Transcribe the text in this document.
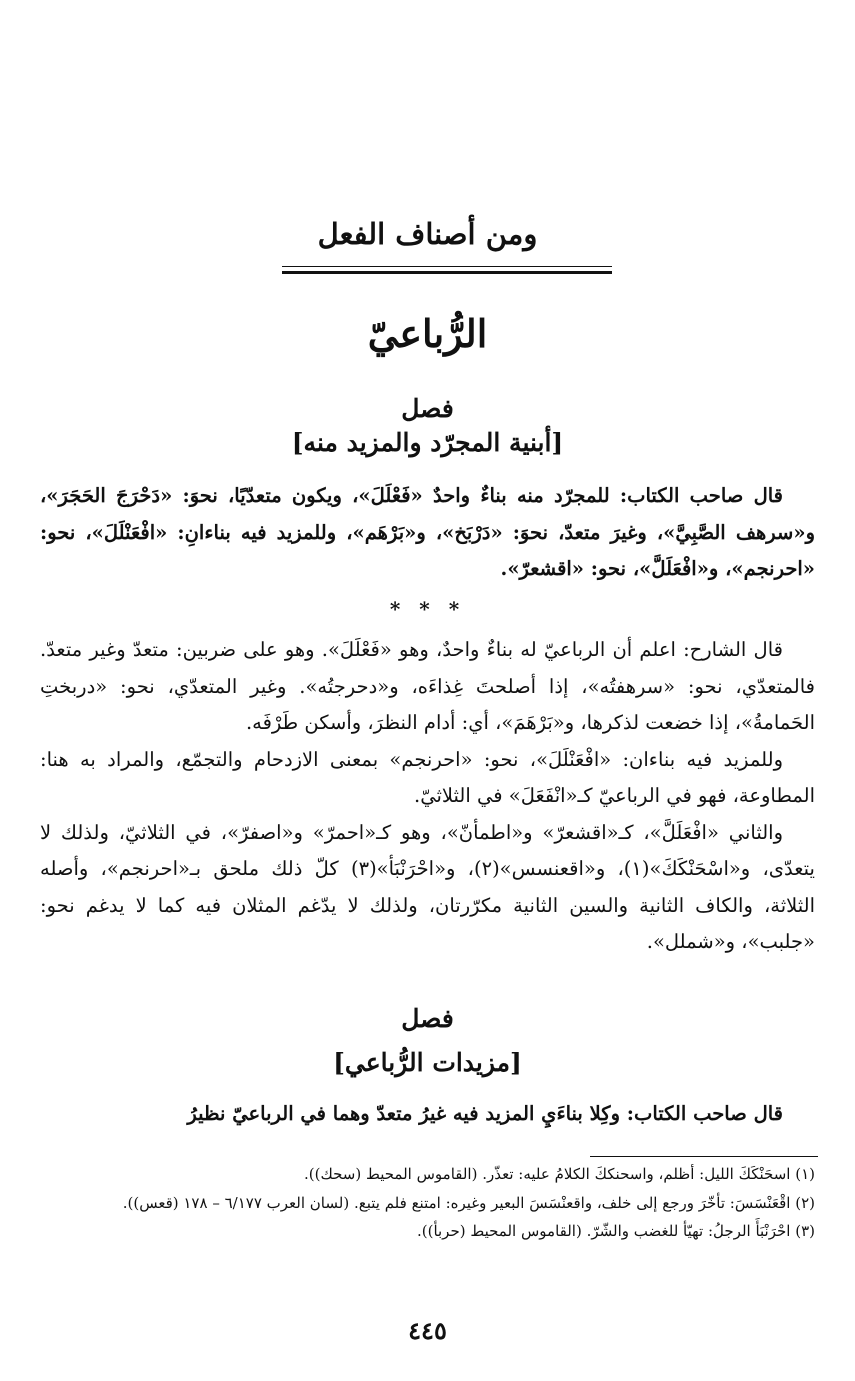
ومن أصناف الفعل
الرُّباعيّ
فصل
[أبنية المجرّد والمزيد منه]

قال صاحب الكتاب: للمجرّد منه بناءٌ واحدٌ «فَعْلَلَ»، ويكون متعدّيًا، نحوَ: «دَحْرَجَ الحَجَرَ»، و«سرهف الصَّبِيَّ»، وغيرَ متعدّ، نحوَ: «دَرْبَخ»، و«بَرْهَم»، وللمزيد فيه بناءانِ: «افْعَنْلَلَ»، نحو: «احرنجم»، و«افْعَلَلَّ»، نحو: «اقشعرّ».

* * *

قال الشارح: اعلم أن الرباعيّ له بناءٌ واحدٌ، وهو «فَعْلَلَ». وهو على ضربين: متعدّ وغير متعدّ. فالمتعدّي، نحو: «سرهفتُه»، إذا أصلحتَ غِذاءَه، و«دحرجتُه». وغير المتعدّي، نحو: «دربختِ الحَمامةُ»، إذا خضعت لذكرها، و«بَرْهَمَ»، أي: أدام النظرَ، وأسكن طَرْفَه.

وللمزيد فيه بناءان: «افْعَنْلَلَ»، نحو: «احرنجم» بمعنى الازدحام والتجمّع، والمراد به هنا: المطاوعة، فهو في الرباعيّ كـ«انْفَعَلَ» في الثلاثيّ.

والثاني «افْعَلَلَّ»، كـ«اقشعرّ» و«اطمأنّ»، وهو كـ«احمرّ» و«اصفرّ»، في الثلاثيّ، ولذلك لا يتعدّى، و«اسْحَنْكَكَ»(١)، و«اقعنسس»(٢)، و«احْرَنْبَأ»(٣) كلّ ذلك ملحق بـ«احرنجم»، وأصله الثلاثة، والكاف الثانية والسين الثانية مكرّرتان، ولذلك لا يدّغم المثلان فيه كما لا يدغم نحو: «جلبب»، و«شملل».

فصل
[مزيدات الرُّباعي]

قال صاحب الكتاب: وكِلا بناءَيِ المزيد فيه غيرُ متعدّ وهما في الرباعيّ نظيرُ

(١) اسحَنْكَكَ الليل: أظلم، واسحنككَ الكلامُ عليه: تعذّر. (القاموس المحيط (سحك)).

(٢) اقْعَنْسَسَ: تأخّرَ ورجع إلى خلف، واقعنْسَسَ البعير وغيره: امتنع فلم يتبع. (لسان العرب ٦/١٧٧ – ١٧٨ (قعس)).

(٣) احْرَنْبَأَ الرجلُ: تهيّأ للغضب والشّرّ. (القاموس المحيط (حربأ)).

٤٤٥
